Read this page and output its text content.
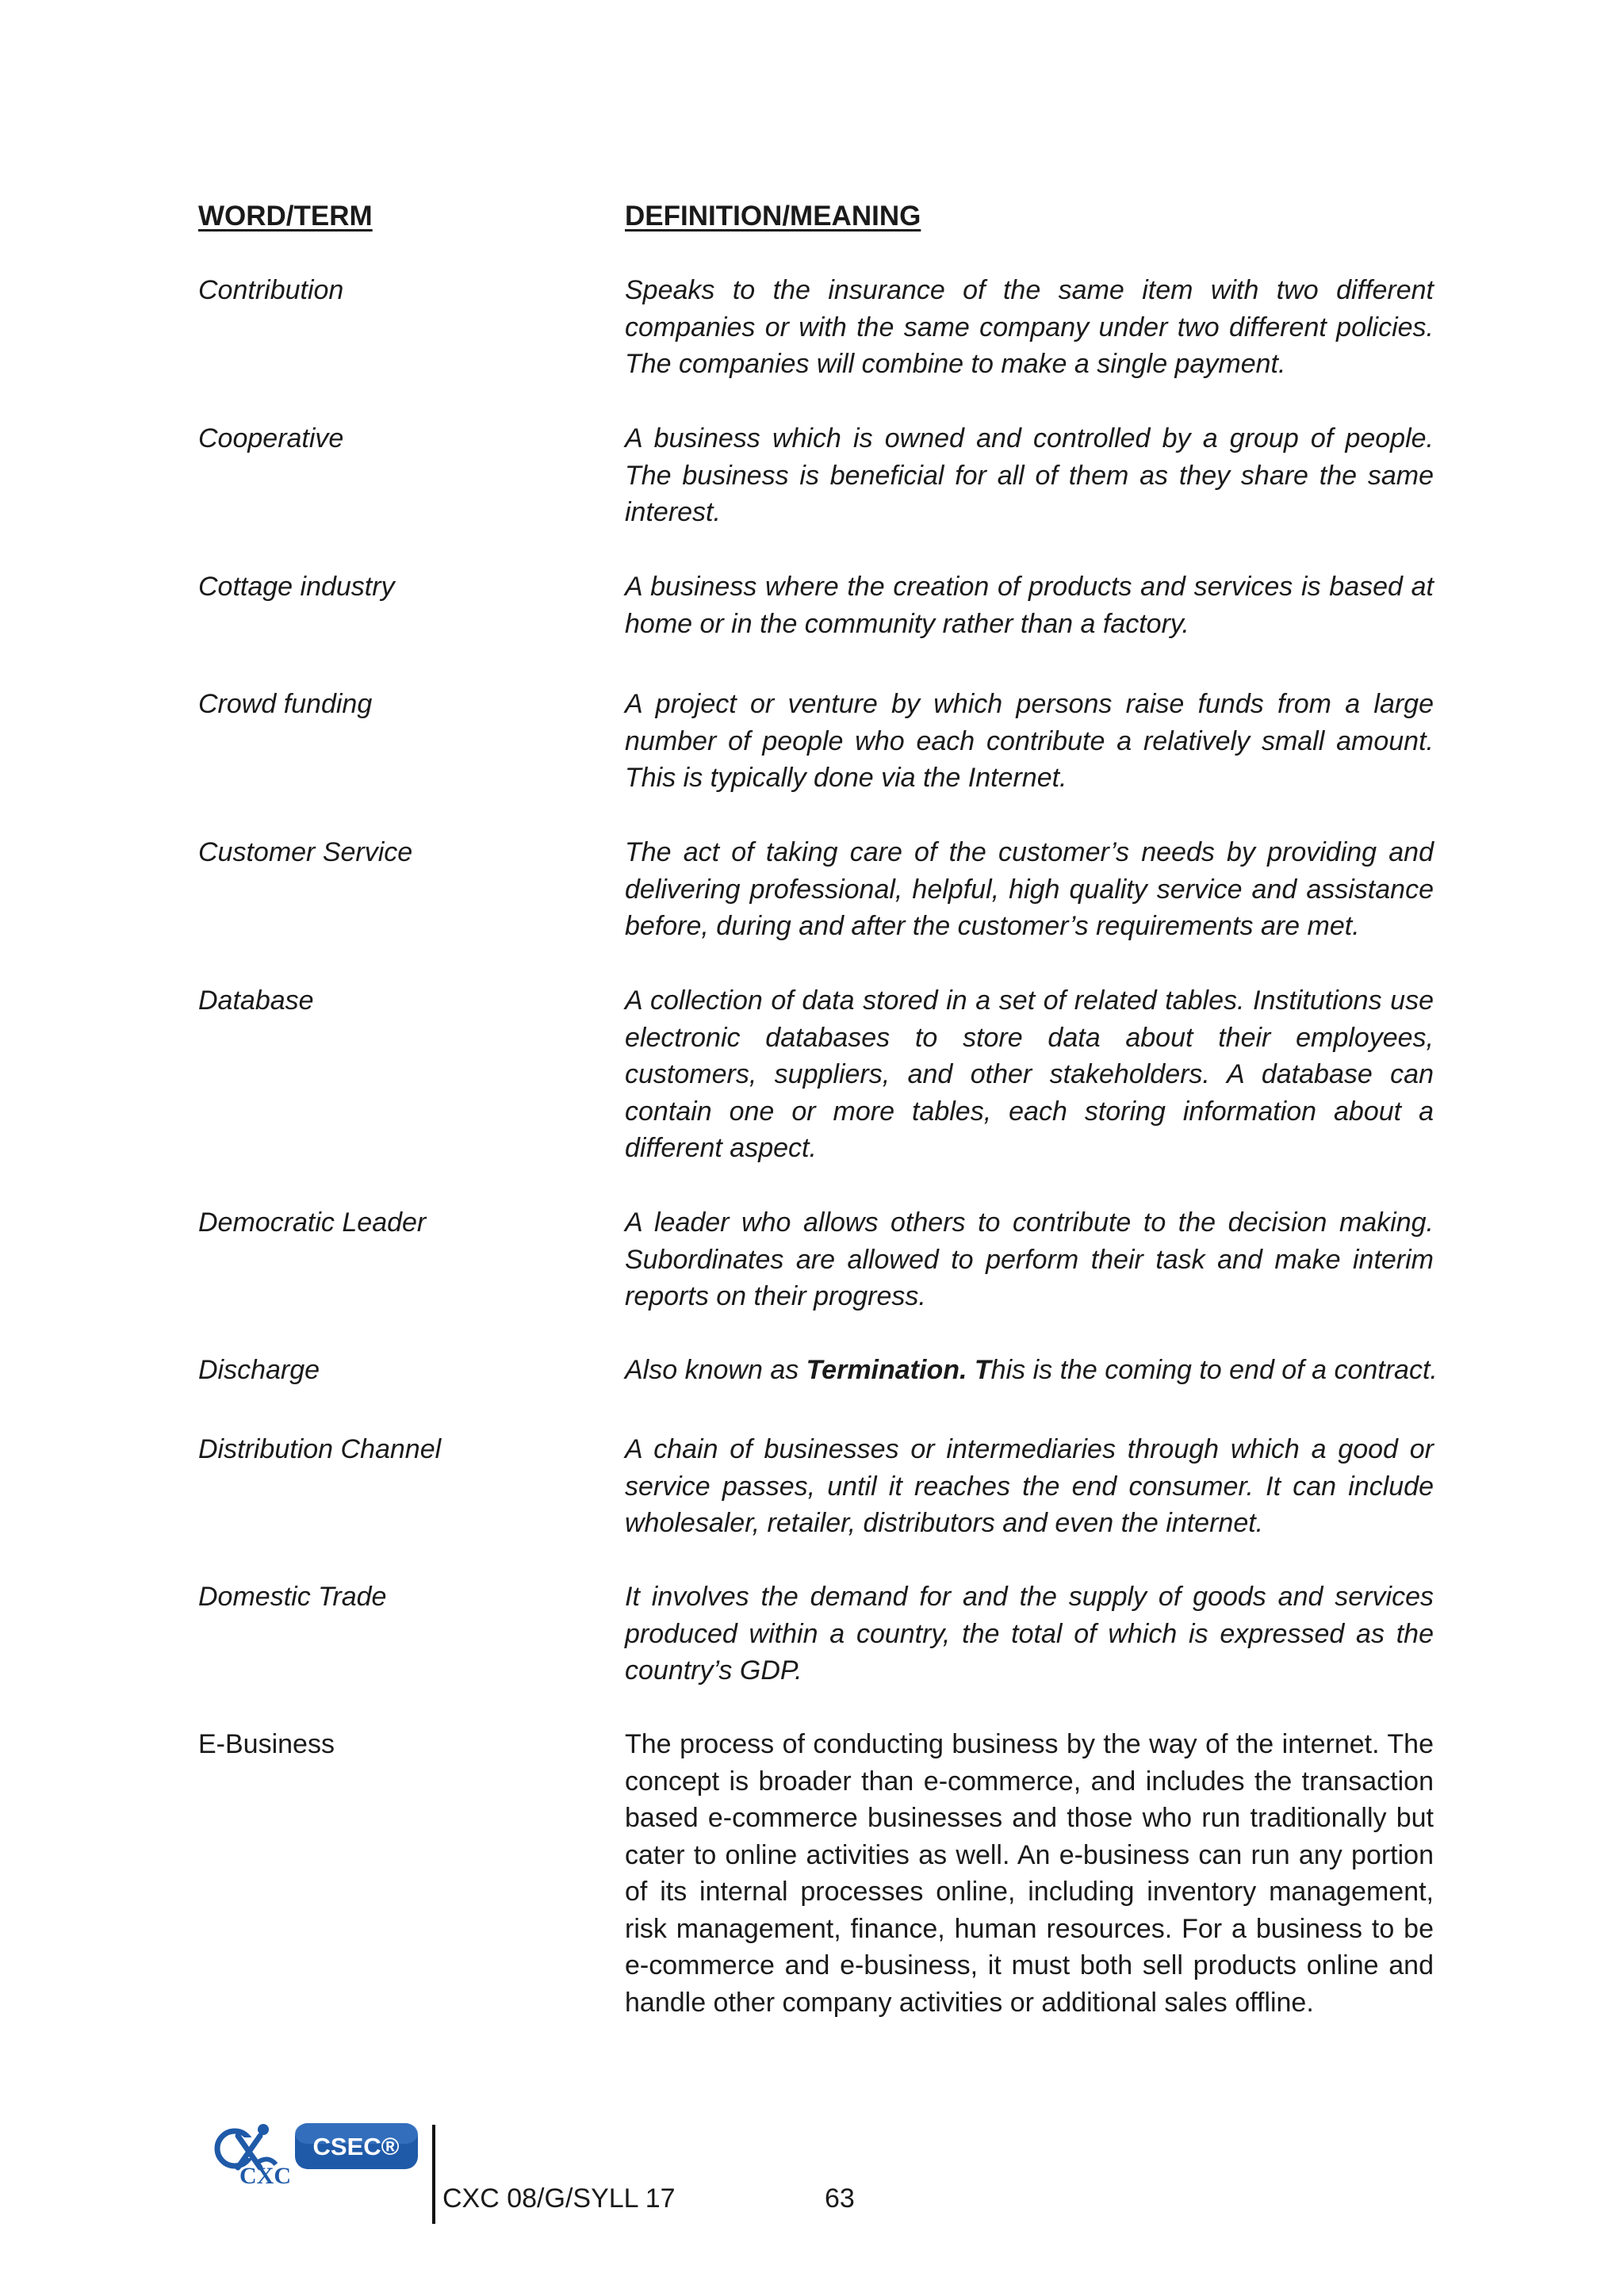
WORD/TERM	DEFINITION/MEANING
Contribution	Speaks to the insurance of the same item with two different companies or with the same company under two different policies. The companies will combine to make a single payment.
Cooperative	A business which is owned and controlled by a group of people. The business is beneficial for all of them as they share the same interest.
Cottage industry	A business where the creation of products and services is based at home or in the community rather than a factory.
Crowd funding	A project or venture by which persons raise funds from a large number of people who each contribute a relatively small amount. This is typically done via the Internet.
Customer Service	The act of taking care of the customer’s needs by providing and delivering professional, helpful, high quality service and assistance before, during and after the customer’s requirements are met.
Database	A collection of data stored in a set of related tables. Institutions use electronic databases to store data about their employees, customers, suppliers, and other stakeholders. A database can contain one or more tables, each storing information about a different aspect.
Democratic Leader	A leader who allows others to contribute to the decision making. Subordinates are allowed to perform their task and make interim reports on their progress.
Discharge	Also known as Termination. This is the coming to end of a contract.
Distribution Channel	A chain of businesses or intermediaries through which a good or service passes, until it reaches the end consumer. It can include wholesaler, retailer, distributors and even the internet.
Domestic Trade	It involves the demand for and the supply of goods and services produced within a country, the total of which is expressed as the country’s GDP.
E-Business	The process of conducting business by the way of the internet. The concept is broader than e-commerce, and includes the transaction based e-commerce businesses and those who run traditionally but cater to online activities as well. An e-business can run any portion of its internal processes online, including inventory management, risk management, finance, human resources. For a business to be e-commerce and e-business, it must both sell products online and handle other company activities or additional sales offline.
CXC
CSEC®
CXC 08/G/SYLL 17	63
